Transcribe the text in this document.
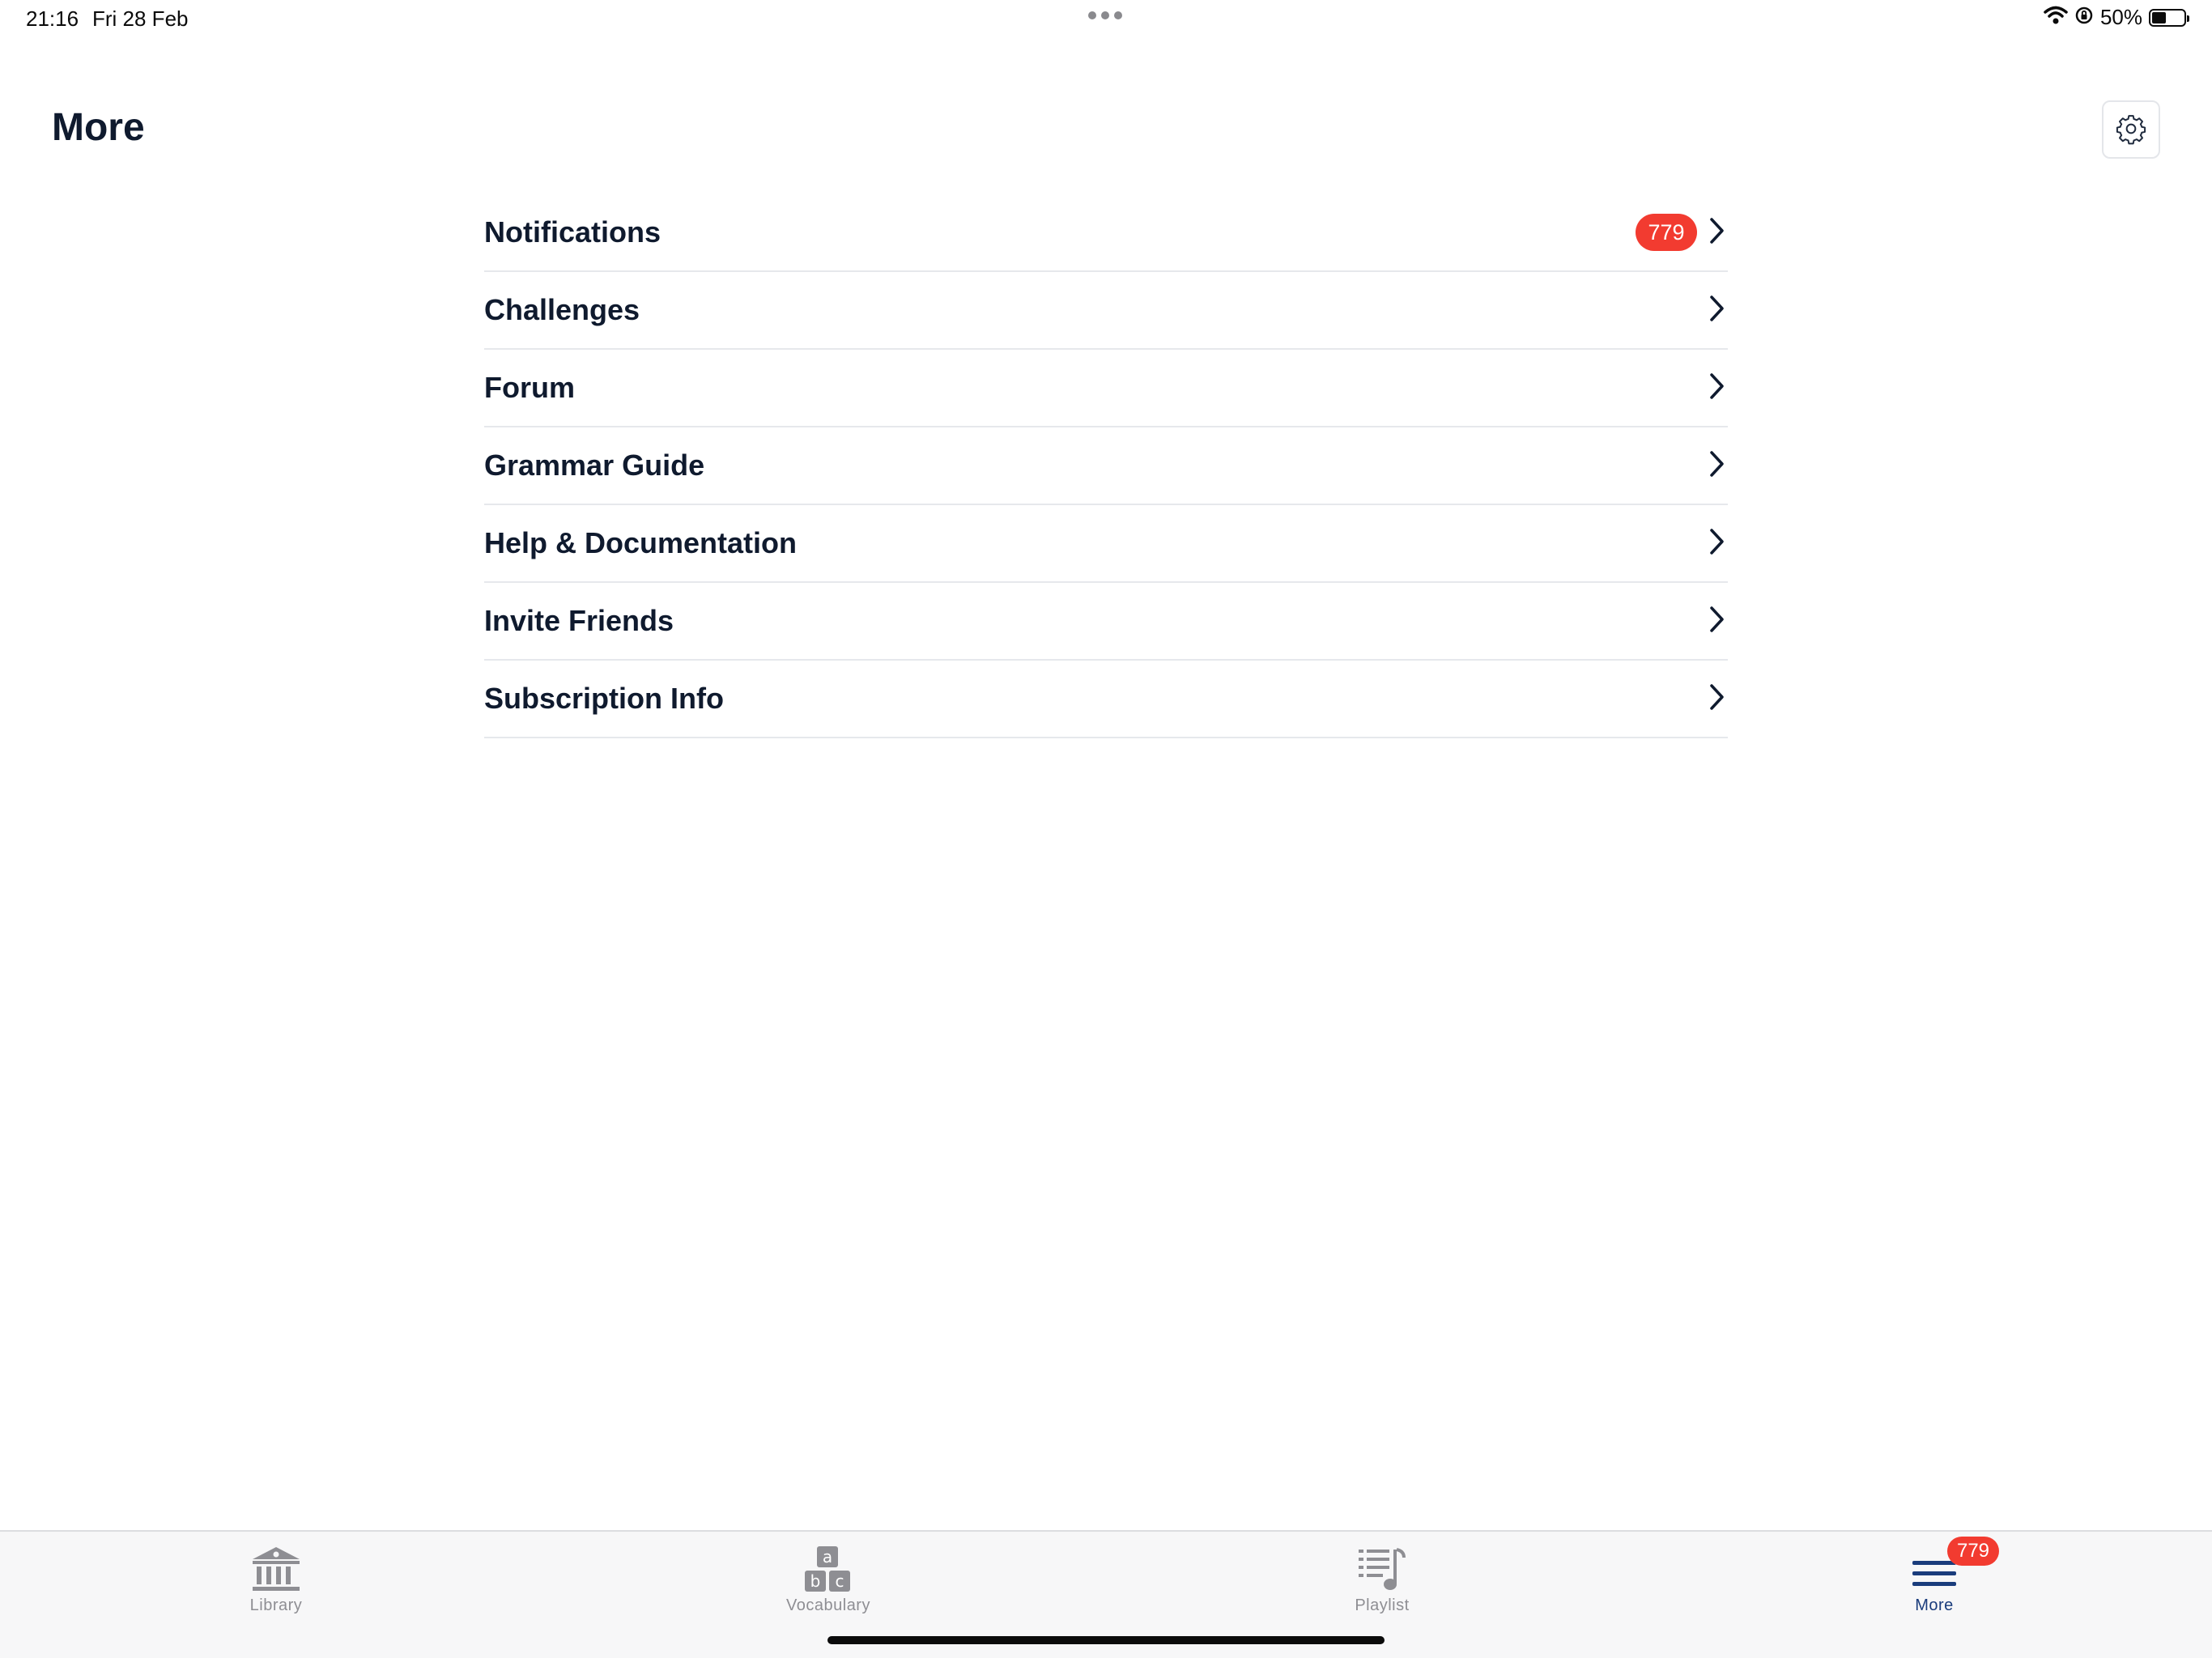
21:16 Fri 28 Feb	50%
More
Notifications	779
Challenges
Forum
Grammar Guide
Help & Documentation
Invite Friends
Subscription Info
Library
a
b c
Vocabulary	Playlist
779
More
